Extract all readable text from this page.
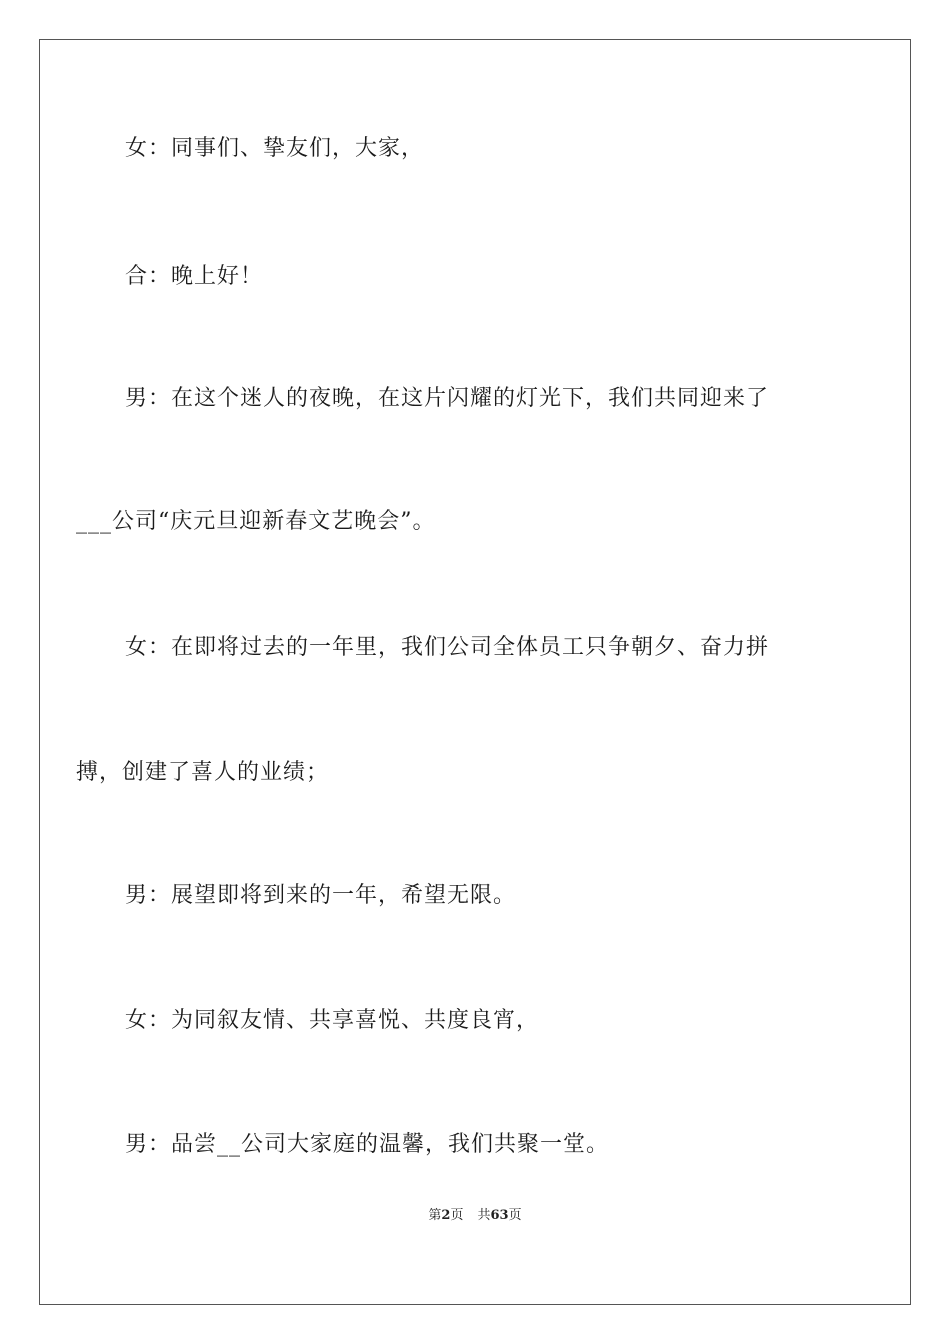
女：同事们、挚友们，大家，
合：晚上好！
男：在这个迷人的夜晚，在这片闪耀的灯光下，我们共同迎来了
___公司“庆元旦迎新春文艺晚会”。
女：在即将过去的一年里，我们公司全体员工只争朝夕、奋力拼
搏，创建了喜人的业绩；
男：展望即将到来的一年，希望无限。
女：为同叙友情、共享喜悦、共度良宵，
男：品尝__公司大家庭的温馨，我们共聚一堂。
第2页 共63页
